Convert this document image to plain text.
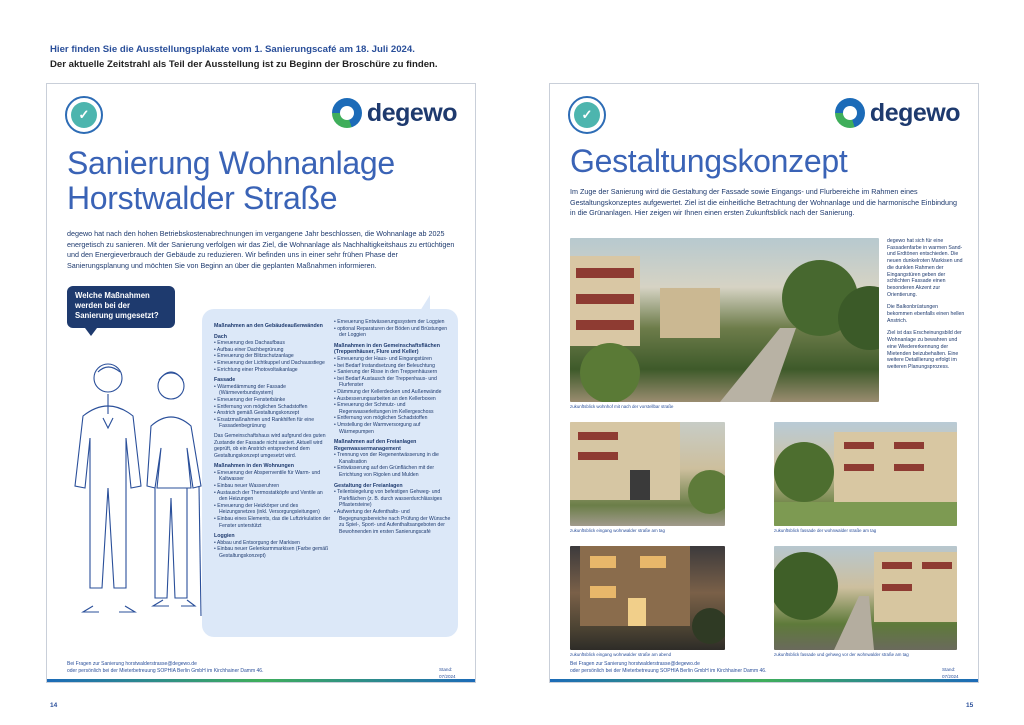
Hier finden Sie die Ausstellungsplakate vom 1. Sanierungscafé am 18. Juli 2024.
Der aktuelle Zeitstrahl als Teil der Ausstellung ist zu Beginn der Broschüre zu finden.
✓	degewo
Sanierung Wohnanlage
Horstwalder Straße
degewo hat nach den hohen Betriebskostenabrechnungen im vergangene Jahr beschlossen, die Wohnanlage ab 2025 energetisch zu sanieren. Mit der Sanierung verfolgen wir das Ziel, die Wohnanlage als Nachhaltigkeitshaus zu ertüchtigen und den Energieverbrauch der Gebäude zu reduzieren. Wir befinden uns in einer sehr frühen Phase der Sanierungsplanung und möchten Sie von Beginn an über die geplanten Maßnahmen informieren.
Welche Maßnahmen werden bei der Sanierung umgesetzt?
Maßnahmen an den Gebäudeaußenwänden
Dach
• Erneuerung des Dachaufbaus
• Aufbau einer Dachbegrünung
• Erneuerung der Blitzschutzanlage
• Erneuerung der Lichtkuppel und Dachausstiege
• Errichtung einer Photovoltaikanlage
Fassade
• Wärmedämmung der Fassade (Wärmeverbundsystem)
• Erneuerung der Fensterbänke
• Entfernung von möglichen Schadstoffen
• Anstrich gemäß Gestaltungskonzept
• Ersatzmaßnahmen und Rankhilfen für eine Fassadenbegrünung

Das Gemeinschaftshaus wird aufgrund des guten Zustande der Fassade nicht saniert. Aktuell wird geprüft, ob ein Anstrich entsprechend dem Gestaltungskonzept umgesetzt wird.

Maßnahmen in den Wohnungen
• Erneuerung der Absperrventile für Warm- und Kaltwasser
• Einbau neuer Wasseruhren
• Austausch der Thermostatköpfe und Ventile an den Heizungen
• Erneuerung der Heizkörper und des Heizungsnetzes (inkl. Versorgungsleitungen)
• Einbau eines Elements, das die Luftzirkulation der Fenster unterstützt
Loggien
• Abbau und Entsorgung der Markisen
• Einbau neuer Gelenkarmmarkisen (Farbe gemäß Gestaltungskonzept)
• Erneuerung Entwässerungssystem der Loggien
• optional Reparaturen der Böden und Brüstungen der Loggien
Maßnahmen in den Gemeinschaftsflächen (Treppenhäuser, Flure und Keller)
• Erneuerung der Haus- und Eingangstüren
• bei Bedarf Instandsetzung der Beleuchtung
• Sanierung der Risse in den Treppenhäusern
• bei Bedarf Austausch der Treppenhaus- und Flurfenster
• Dämmung der Kellerdecken und Außenwände
• Ausbesserungsarbeiten an den Kellerboxen
• Erneuerung der Schmutz- und Regenwasserleitungen im Kellergeschoss
• Entfernung von möglichen Schadstoffen
• Umstellung der Warmversorgung auf Wärmepumpen
Maßnahmen auf den Freianlagen Regenwassermanagement
• Trennung von der Regenentwässerung in die Kanalisation
• Entwässerung auf den Grünflächen mit der Errichtung von Rigolen und Mulden
Gestaltung der Freianlagen
• Teilentsiegelung von befestigen Gehweg- und Parkflächen (z. B. durch wasserdurchlässiges Pflastersteine)
• Aufwertung der Aufenthalts- und Begegnungsbereiche nach Prüfung der Wünsche zu Spiel-, Sport- und Aufenthaltsangeboten der Bewohnenden im ersten Sanierungscafé
Bei Fragen zur Sanierung horstwalderstrasse@degewo.de
oder persönlich bei der Mieterbetreuung SOPHIA Berlin GmbH im Kirchhainer Damm 46.	Stand: 07/2024
✓	degewo
Gestaltungskonzept
Im Zuge der Sanierung wird die Gestaltung der Fassade sowie Eingangs- und Flurbereiche im Rahmen eines Gestaltungskonzeptes aufgewertet. Ziel ist die einheitliche Betrachtung der Wohnanlage und die harmonische Einbindung in die Grünanlagen. Hier zeigen wir Ihnen einen ersten Zukunftsblick nach der Sanierung.
zukunftsblick wohnhof mit nach der vorstellbar straße
zukunftsblick eingang wohnwalder straße am tag	zukunftsblick fassade der wohnwalder straße am tag
zukunftsblick eingang wohnwalder straße am abend	zukunftsblick fassade und gehweg vor der wohnwalder straße am tag

degewo hat sich für eine Fassadenfarbe in warmen Sand- und Erdtönen entschieden. Die neuen dunkelroten Markisen und die dunklen Rahmen der Eingangstüren geben der schlichten Fassade einen besonderen Akzent zur Orientierung.

Die Balkonbrüstungen bekommen ebenfalls einen hellen Anstrich.

Ziel ist das Erscheinungsbild der Wohnanlage zu bewahren und eine Wiedererkennung der Mietenden beizubehalten. Eine weitere Detaillierung erfolgt im weiteren Planungsprozess.

Bei Fragen zur Sanierung horstwalderstrasse@degewo.de
oder persönlich bei der Mieterbetreuung SOPHIA Berlin GmbH im Kirchhainer Damm 46.	Stand: 07/2024
14	15
